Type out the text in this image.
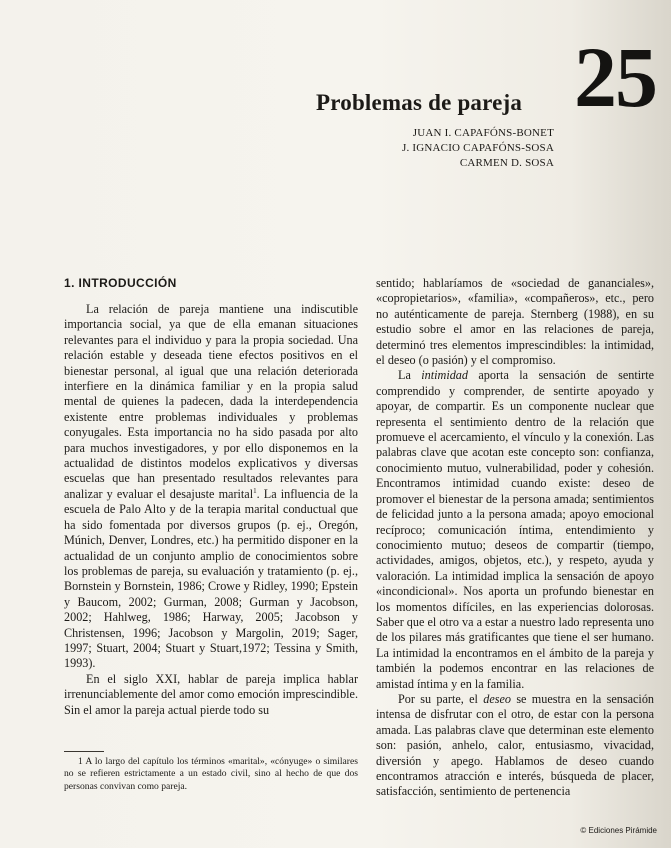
25
Problemas de pareja
JUAN I. CAPAFÓNS-BONET
J. IGNACIO CAPAFÓNS-SOSA
CARMEN D. SOSA
1. INTRODUCCIÓN

La relación de pareja mantiene una indiscutible importancia social, ya que de ella emanan situaciones relevantes para el individuo y para la propia sociedad. Una relación estable y deseada tiene efectos positivos en el bienestar personal, al igual que una relación deteriorada interfiere en la dinámica familiar y en la propia salud mental de quienes la padecen, dada la interdependencia existente entre problemas individuales y problemas conyugales. Esta importancia no ha sido pasada por alto para muchos investigadores, y por ello disponemos en la actualidad de distintos modelos explicativos y diversas escuelas que han presentado resultados relevantes para analizar y evaluar el desajuste marital$^1$. La influencia de la escuela de Palo Alto y de la terapia marital conductual que ha sido fomentada por diversos grupos (p. ej., Oregón, Múnich, Denver, Londres, etc.) ha permitido disponer en la actualidad de un conjunto amplio de conocimientos sobre los problemas de pareja, su evaluación y tratamiento (p. ej., Bornstein y Bornstein, 1986; Crowe y Ridley, 1990; Epstein y Baucom, 2002; Gurman, 2008; Gurman y Jacobson, 2002; Hahlweg, 1986; Harway, 2005; Jacobson y Christensen, 1996; Jacobson y Margolin, 2019; Sager, 1997; Stuart, 2004; Stuart y Stuart,1972; Tessina y Smith, 1993).

En el siglo XXI, hablar de pareja implica hablar irrenunciablemente del amor como emoción imprescindible. Sin el amor la pareja actual pierde todo su

1 A lo largo del capítulo los términos «marital», «cónyuge» o similares no se refieren estrictamente a un estado civil, sino al hecho de que dos personas convivan como pareja.

sentido; hablaríamos de «sociedad de gananciales», «copropietarios», «familia», «compañeros», etc., pero no auténticamente de pareja. Sternberg (1988), en su estudio sobre el amor en las relaciones de pareja, determinó tres elementos imprescindibles: la intimidad, el deseo (o pasión) y el compromiso.

La intimidad aporta la sensación de sentirte comprendido y comprender, de sentirte apoyado y apoyar, de compartir. Es un componente nuclear que representa el sentimiento dentro de la relación que promueve el acercamiento, el vínculo y la conexión. Las palabras clave que acotan este concepto son: confianza, conocimiento mutuo, vulnerabilidad, poder y cohesión. Encontramos intimidad cuando existe: deseo de promover el bienestar de la persona amada; sentimientos de felicidad junto a la persona amada; apoyo emocional recíproco; comunicación íntima, entendimiento y conocimiento mutuo; deseos de compartir (tiempo, actividades, amigos, objetos, etc.), y respeto, ayuda y valoración. La intimidad implica la sensación de apoyo «incondicional». Nos aporta un profundo bienestar en los momentos difíciles, en las experiencias dolorosas. Saber que el otro va a estar a nuestro lado representa uno de los pilares más gratificantes que tiene el ser humano. La intimidad la encontramos en el ámbito de la pareja y también la podemos encontrar en las relaciones de amistad íntima y en la familia.

Por su parte, el deseo se muestra en la sensación intensa de disfrutar con el otro, de estar con la persona amada. Las palabras clave que determinan este elemento son: pasión, anhelo, calor, entusiasmo, vivacidad, diversión y apego. Hablamos de deseo cuando encontramos atracción e interés, búsqueda de placer, satisfacción, sentimiento de pertenencia

© Ediciones Pirámide
